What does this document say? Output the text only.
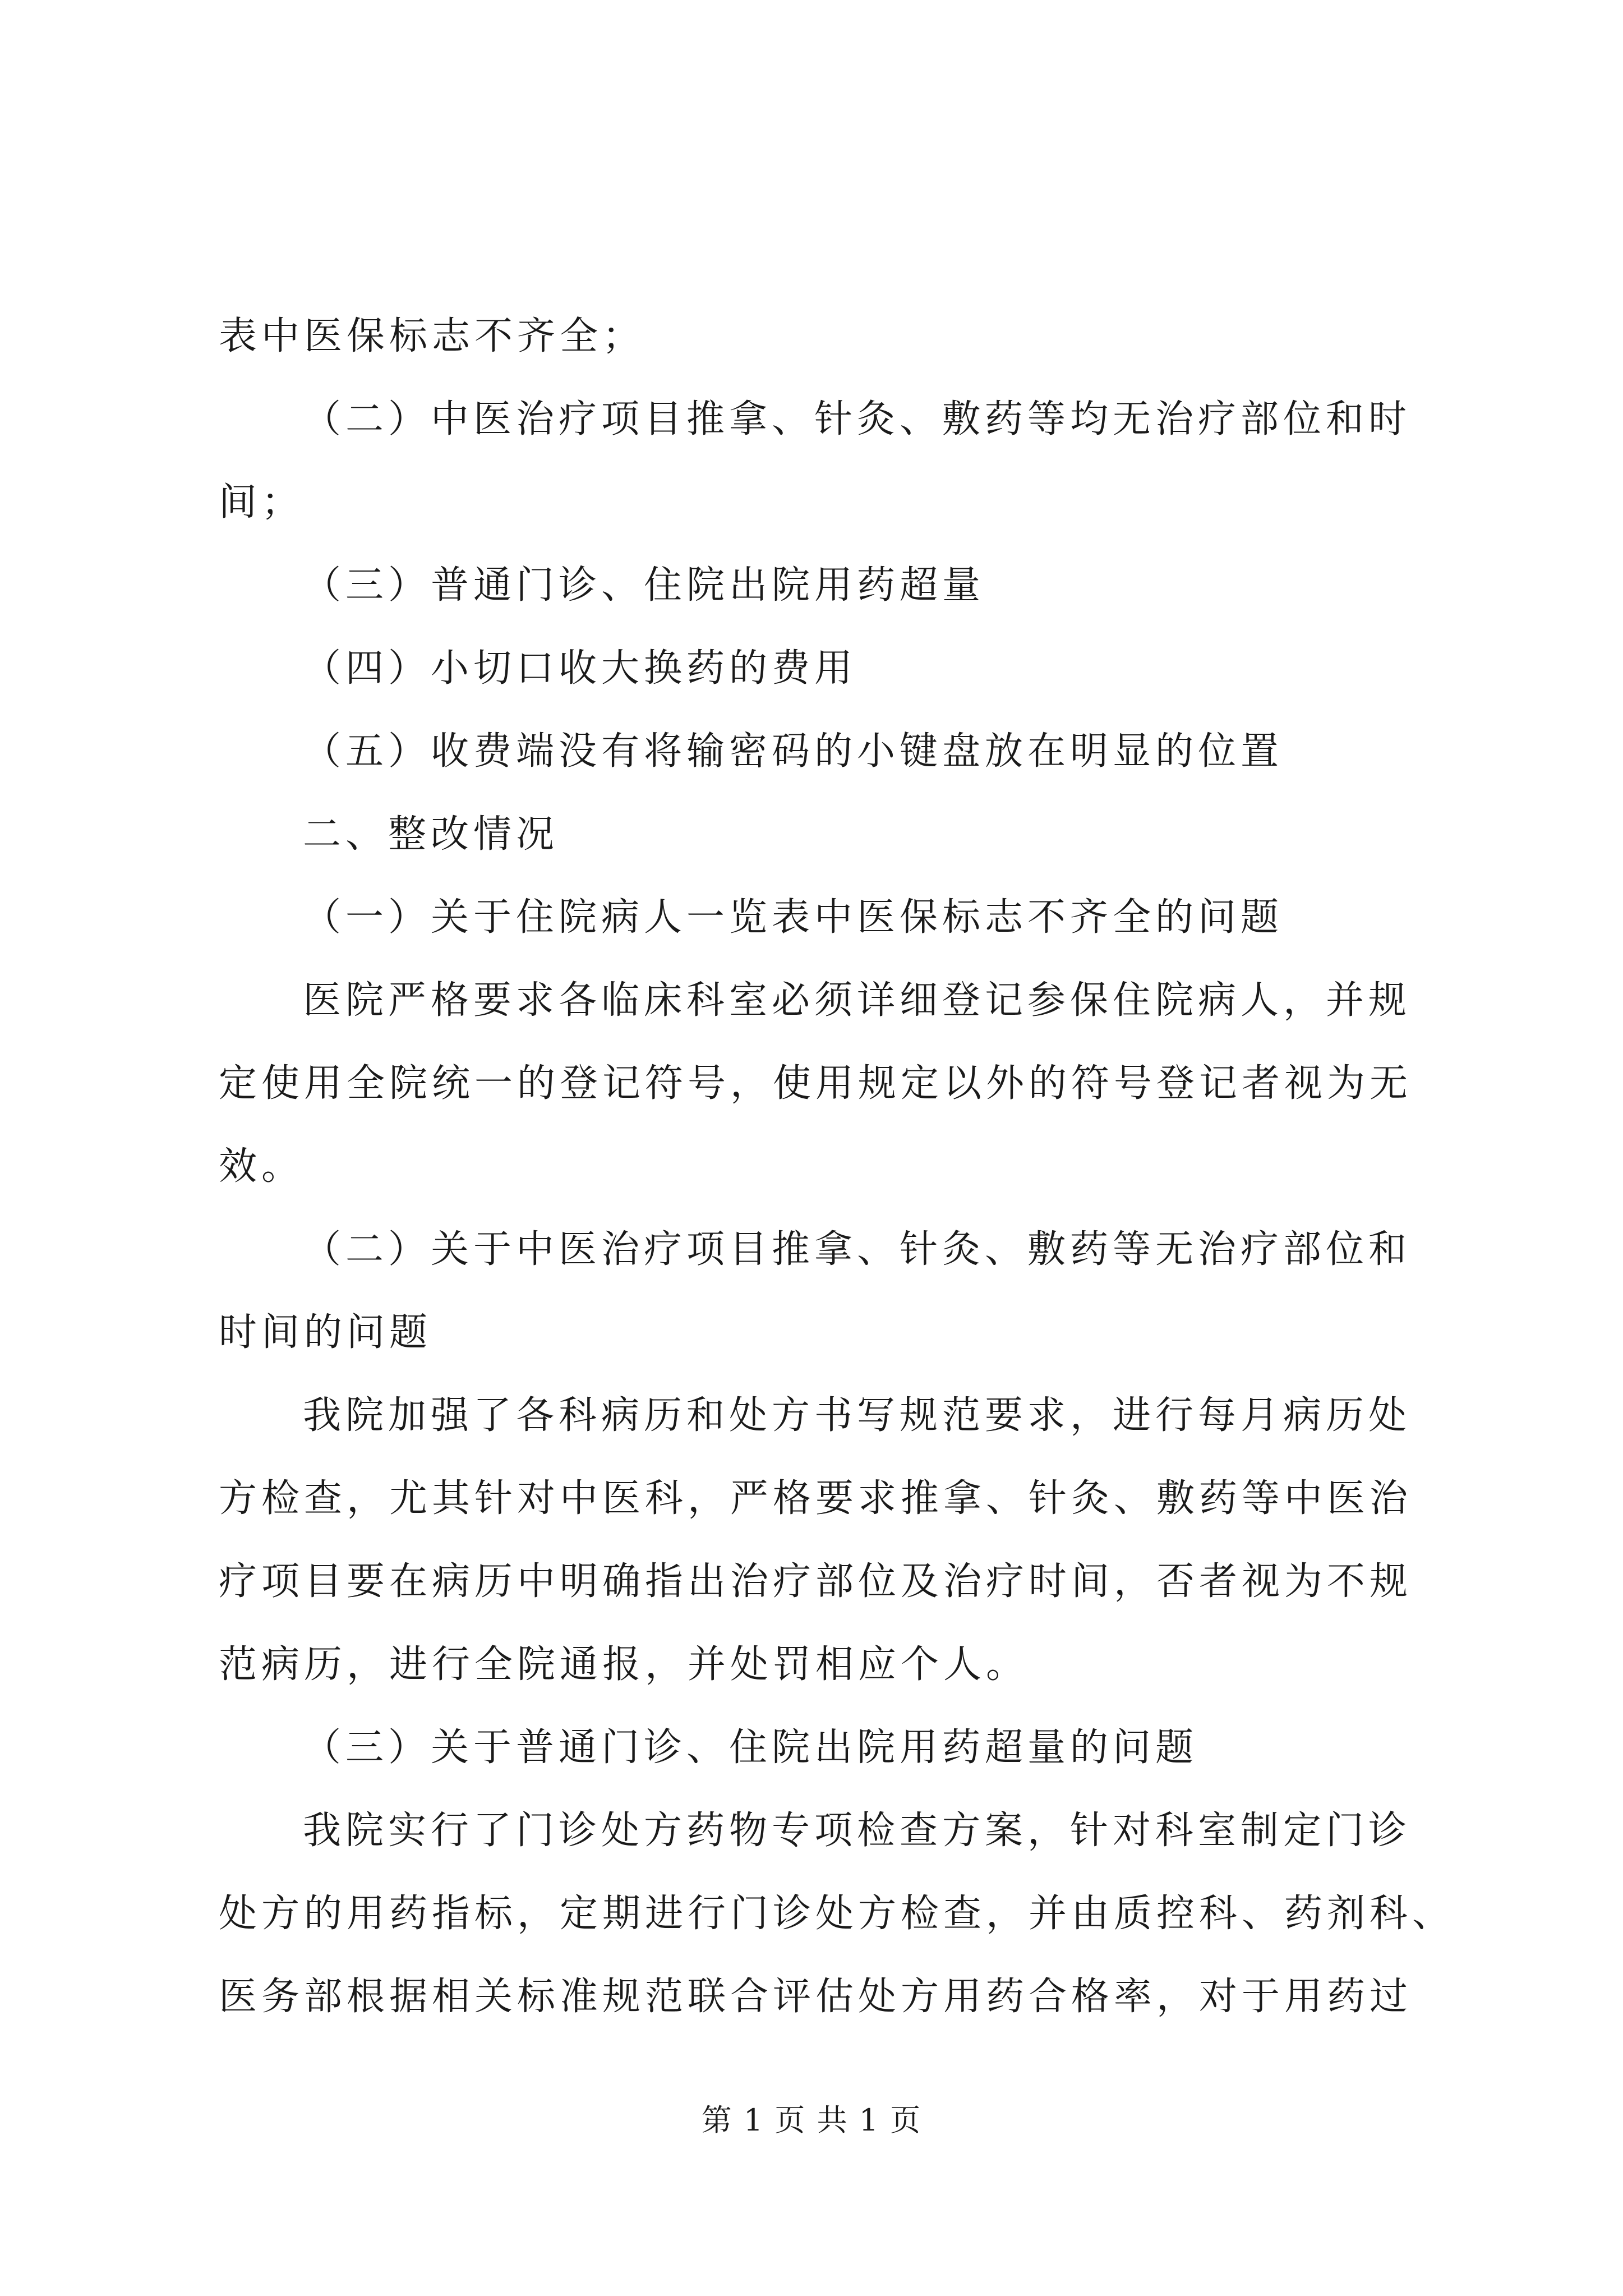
表中医保标志不齐全；
（二）中医治疗项目推拿、针灸、敷药等均无治疗部位和时
间；
（三）普通门诊、住院出院用药超量
（四）小切口收大换药的费用
（五）收费端没有将输密码的小键盘放在明显的位置
二、整改情况
（一）关于住院病人一览表中医保标志不齐全的问题
医院严格要求各临床科室必须详细登记参保住院病人，并规
定使用全院统一的登记符号，使用规定以外的符号登记者视为无
效。
（二）关于中医治疗项目推拿、针灸、敷药等无治疗部位和
时间的问题
我院加强了各科病历和处方书写规范要求，进行每月病历处
方检查，尤其针对中医科，严格要求推拿、针灸、敷药等中医治
疗项目要在病历中明确指出治疗部位及治疗时间，否者视为不规
范病历，进行全院通报，并处罚相应个人。
（三）关于普通门诊、住院出院用药超量的问题
我院实行了门诊处方药物专项检查方案，针对科室制定门诊
处方的用药指标，定期进行门诊处方检查，并由质控科、药剂科、
医务部根据相关标准规范联合评估处方用药合格率，对于用药过
第 1 页 共 1 页
